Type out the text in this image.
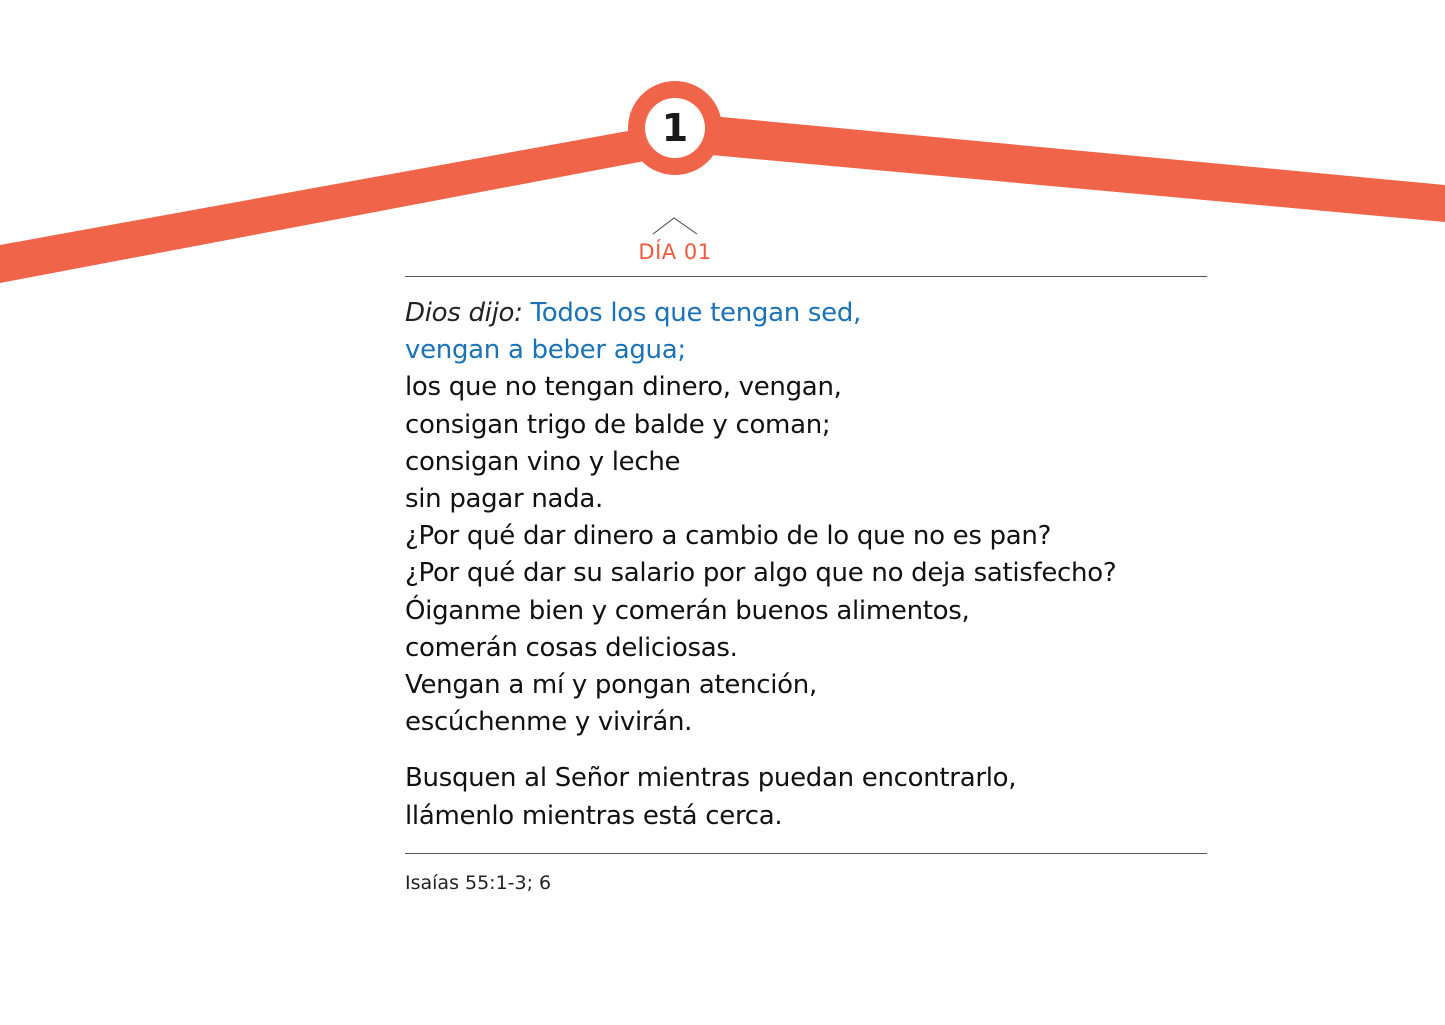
1
DÍA 01
Dios dijo: Todos los que tengan sed,
vengan a beber agua;
los que no tengan dinero, vengan,
consigan trigo de balde y coman;
consigan vino y leche
sin pagar nada.
¿Por qué dar dinero a cambio de lo que no es pan?
¿Por qué dar su salario por algo que no deja satisfecho?
Óiganme bien y comerán buenos alimentos,
comerán cosas deliciosas.
Vengan a mí y pongan atención,
escúchenme y vivirán.
Busquen al Señor mientras puedan encontrarlo,
llámenlo mientras está cerca.
Isaías 55:1-3; 6
